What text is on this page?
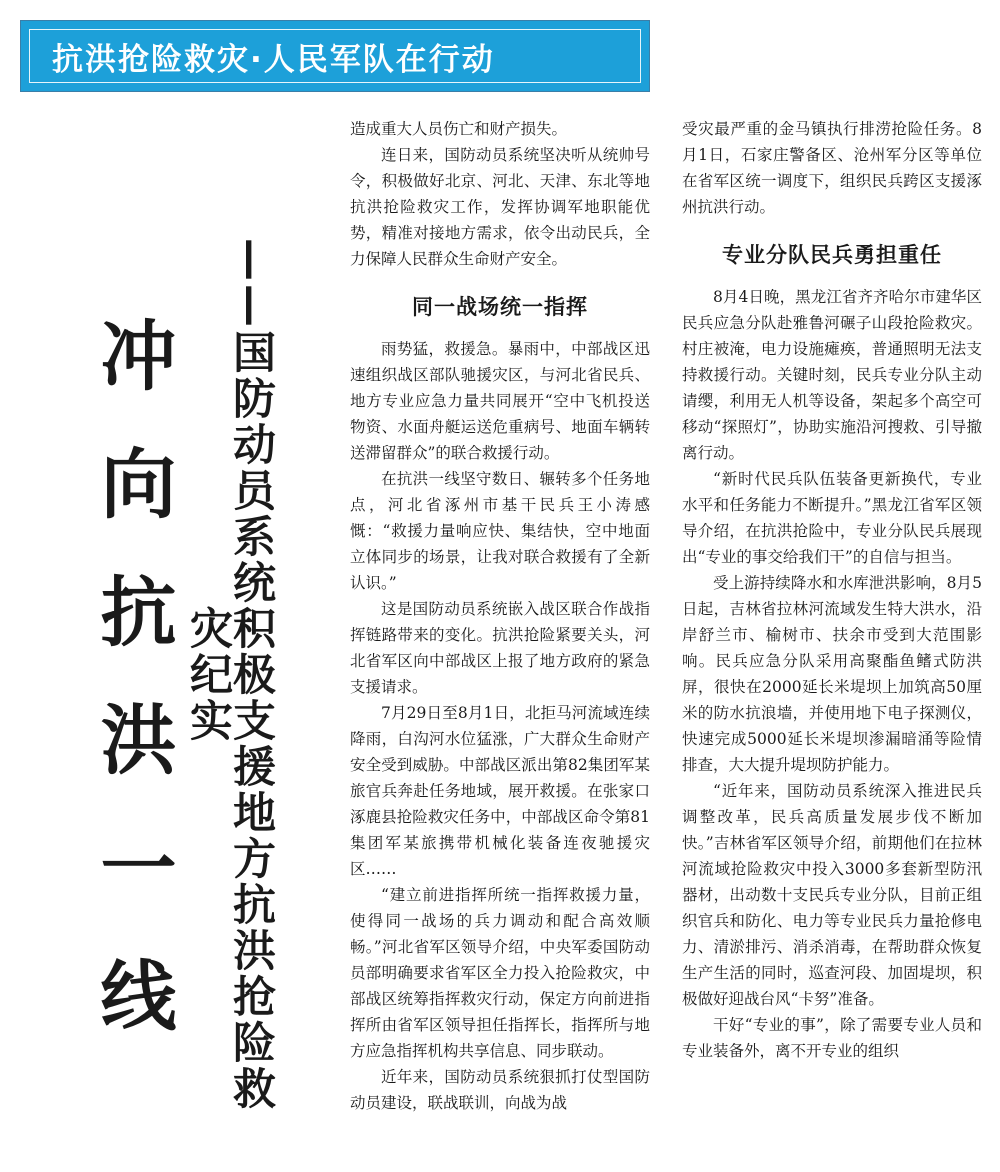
抗洪抢险救灾·人民军队在行动
冲向抗洪一线	——国防动员系统积极支援地方抗洪抢险救灾纪实

造成重大人员伤亡和财产损失。

连日来，国防动员系统坚决听从统帅号令，积极做好北京、河北、天津、东北等地抗洪抢险救灾工作，发挥协调军地职能优势，精准对接地方需求，依令出动民兵，全力保障人民群众生命财产安全。

同一战场统一指挥

雨势猛，救援急。暴雨中，中部战区迅速组织战区部队驰援灾区，与河北省民兵、地方专业应急力量共同展开“空中飞机投送物资、水面舟艇运送危重病号、地面车辆转送滞留群众”的联合救援行动。

在抗洪一线坚守数日、辗转多个任务地点，河北省涿州市基干民兵王小涛感慨：“救援力量响应快、集结快，空中地面立体同步的场景，让我对联合救援有了全新认识。”

这是国防动员系统嵌入战区联合作战指挥链路带来的变化。抗洪抢险紧要关头，河北省军区向中部战区上报了地方政府的紧急支援请求。

7月29日至8月1日，北拒马河流域连续降雨，白沟河水位猛涨，广大群众生命财产安全受到威胁。中部战区派出第82集团军某旅官兵奔赴任务地域，展开救援。在张家口涿鹿县抢险救灾任务中，中部战区命令第81集团军某旅携带机械化装备连夜驰援灾区……

“建立前进指挥所统一指挥救援力量，使得同一战场的兵力调动和配合高效顺畅。”河北省军区领导介绍，中央军委国防动员部明确要求省军区全力投入抢险救灾，中部战区统筹指挥救灾行动，保定方向前进指挥所由省军区领导担任指挥长，指挥所与地方应急指挥机构共享信息、同步联动。

近年来，国防动员系统狠抓打仗型国防动员建设，联战联训，向战为战

受灾最严重的金马镇执行排涝抢险任务。8月1日，石家庄警备区、沧州军分区等单位在省军区统一调度下，组织民兵跨区支援涿州抗洪行动。

专业分队民兵勇担重任

8月4日晚，黑龙江省齐齐哈尔市建华区民兵应急分队赴雅鲁河碾子山段抢险救灾。村庄被淹，电力设施瘫痪，普通照明无法支持救援行动。关键时刻，民兵专业分队主动请缨，利用无人机等设备，架起多个高空可移动“探照灯”，协助实施沿河搜救、引导撤离行动。

“新时代民兵队伍装备更新换代，专业水平和任务能力不断提升。”黑龙江省军区领导介绍，在抗洪抢险中，专业分队民兵展现出“专业的事交给我们干”的自信与担当。

受上游持续降水和水库泄洪影响，8月5日起，吉林省拉林河流域发生特大洪水，沿岸舒兰市、榆树市、扶余市受到大范围影响。民兵应急分队采用高聚酯鱼鳍式防洪屏，很快在2000延长米堤坝上加筑高50厘米的防水抗浪墙，并使用地下电子探测仪，快速完成5000延长米堤坝渗漏暗涌等险情排查，大大提升堤坝防护能力。

“近年来，国防动员系统深入推进民兵调整改革，民兵高质量发展步伐不断加快。”吉林省军区领导介绍，前期他们在拉林河流域抢险救灾中投入3000多套新型防汛器材，出动数十支民兵专业分队，目前正组织官兵和防化、电力等专业民兵力量抢修电力、清淤排污、消杀消毒，在帮助群众恢复生产生活的同时，巡查河段、加固堤坝，积极做好迎战台风“卡努”准备。

干好“专业的事”，除了需要专业人员和专业装备外，离不开专业的组织
